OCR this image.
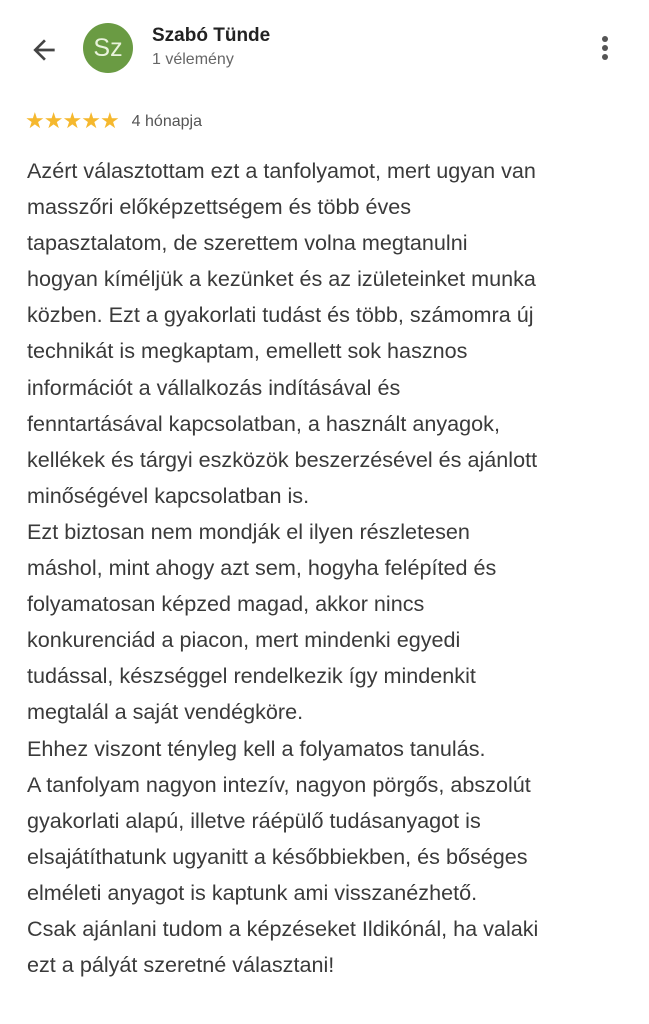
Sz	Szabó Tünde
1 vélemény
★★★★★ 4 hónapja
Azért választottam ezt a tanfolyamot, mert ugyan van
masszőri előképzettségem és több éves
tapasztalatom, de szerettem volna megtanulni
hogyan kíméljük a kezünket és az izületeinket munka
közben. Ezt a gyakorlati tudást és több, számomra új
technikát is megkaptam, emellett sok hasznos
információt a vállalkozás indításával és
fenntartásával kapcsolatban, a használt anyagok,
kellékek és tárgyi eszközök beszerzésével és ajánlott
minőségével kapcsolatban is.
Ezt biztosan nem mondják el ilyen részletesen
máshol, mint ahogy azt sem, hogyha felépíted és
folyamatosan képzed magad, akkor nincs
konkurenciád a piacon, mert mindenki egyedi
tudással, készséggel rendelkezik így mindenkit
megtalál a saját vendégköre.
Ehhez viszont tényleg kell a folyamatos tanulás.
A tanfolyam nagyon intezív, nagyon pörgős, abszolút
gyakorlati alapú, illetve ráépülő tudásanyagot is
elsajátíthatunk ugyanitt a későbbiekben, és bőséges
elméleti anyagot is kaptunk ami visszanézhető.
Csak ajánlani tudom a képzéseket Ildikónál, ha valaki
ezt a pályát szeretné választani!
